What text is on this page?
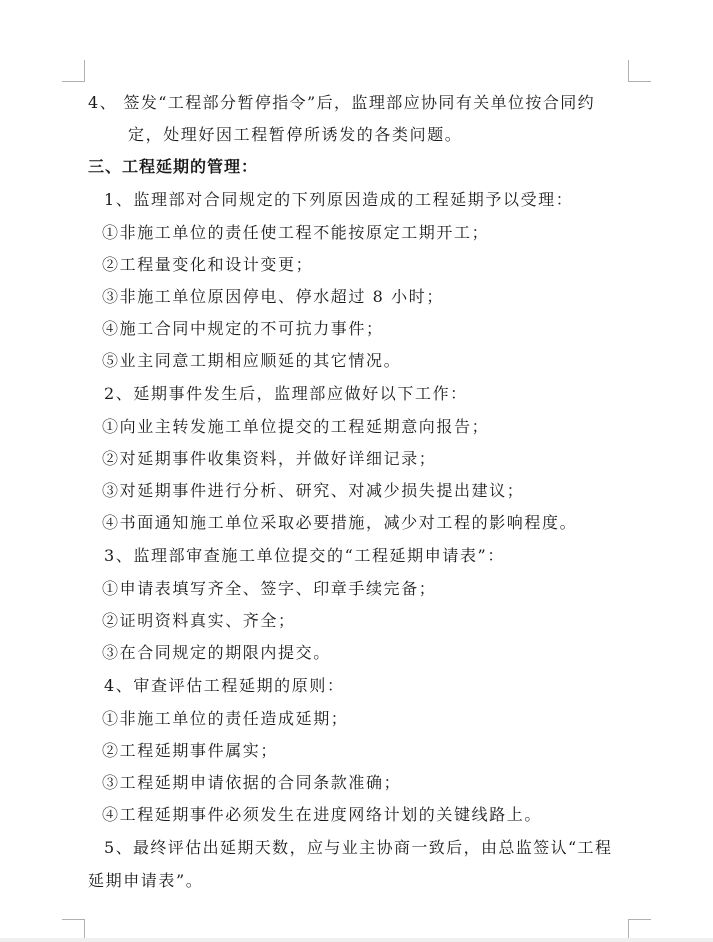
4、 签发“工程部分暂停指令”后，监理部应协同有关单位按合同约
定，处理好因工程暂停所诱发的各类问题。
三、工程延期的管理：
1、监理部对合同规定的下列原因造成的工程延期予以受理：
①非施工单位的责任使工程不能按原定工期开工；
②工程量变化和设计变更；
③非施工单位原因停电、停水超过 8 小时；
④施工合同中规定的不可抗力事件；
⑤业主同意工期相应顺延的其它情况。
2、延期事件发生后，监理部应做好以下工作：
①向业主转发施工单位提交的工程延期意向报告；
②对延期事件收集资料，并做好详细记录；
③对延期事件进行分析、研究、对减少损失提出建议；
④书面通知施工单位采取必要措施，减少对工程的影响程度。
3、监理部审查施工单位提交的“工程延期申请表”：
①申请表填写齐全、签字、印章手续完备；
②证明资料真实、齐全；
③在合同规定的期限内提交。
4、审查评估工程延期的原则：
①非施工单位的责任造成延期；
②工程延期事件属实；
③工程延期申请依据的合同条款准确；
④工程延期事件必须发生在进度网络计划的关键线路上。
5、最终评估出延期天数，应与业主协商一致后，由总监签认“工程
延期申请表”。
